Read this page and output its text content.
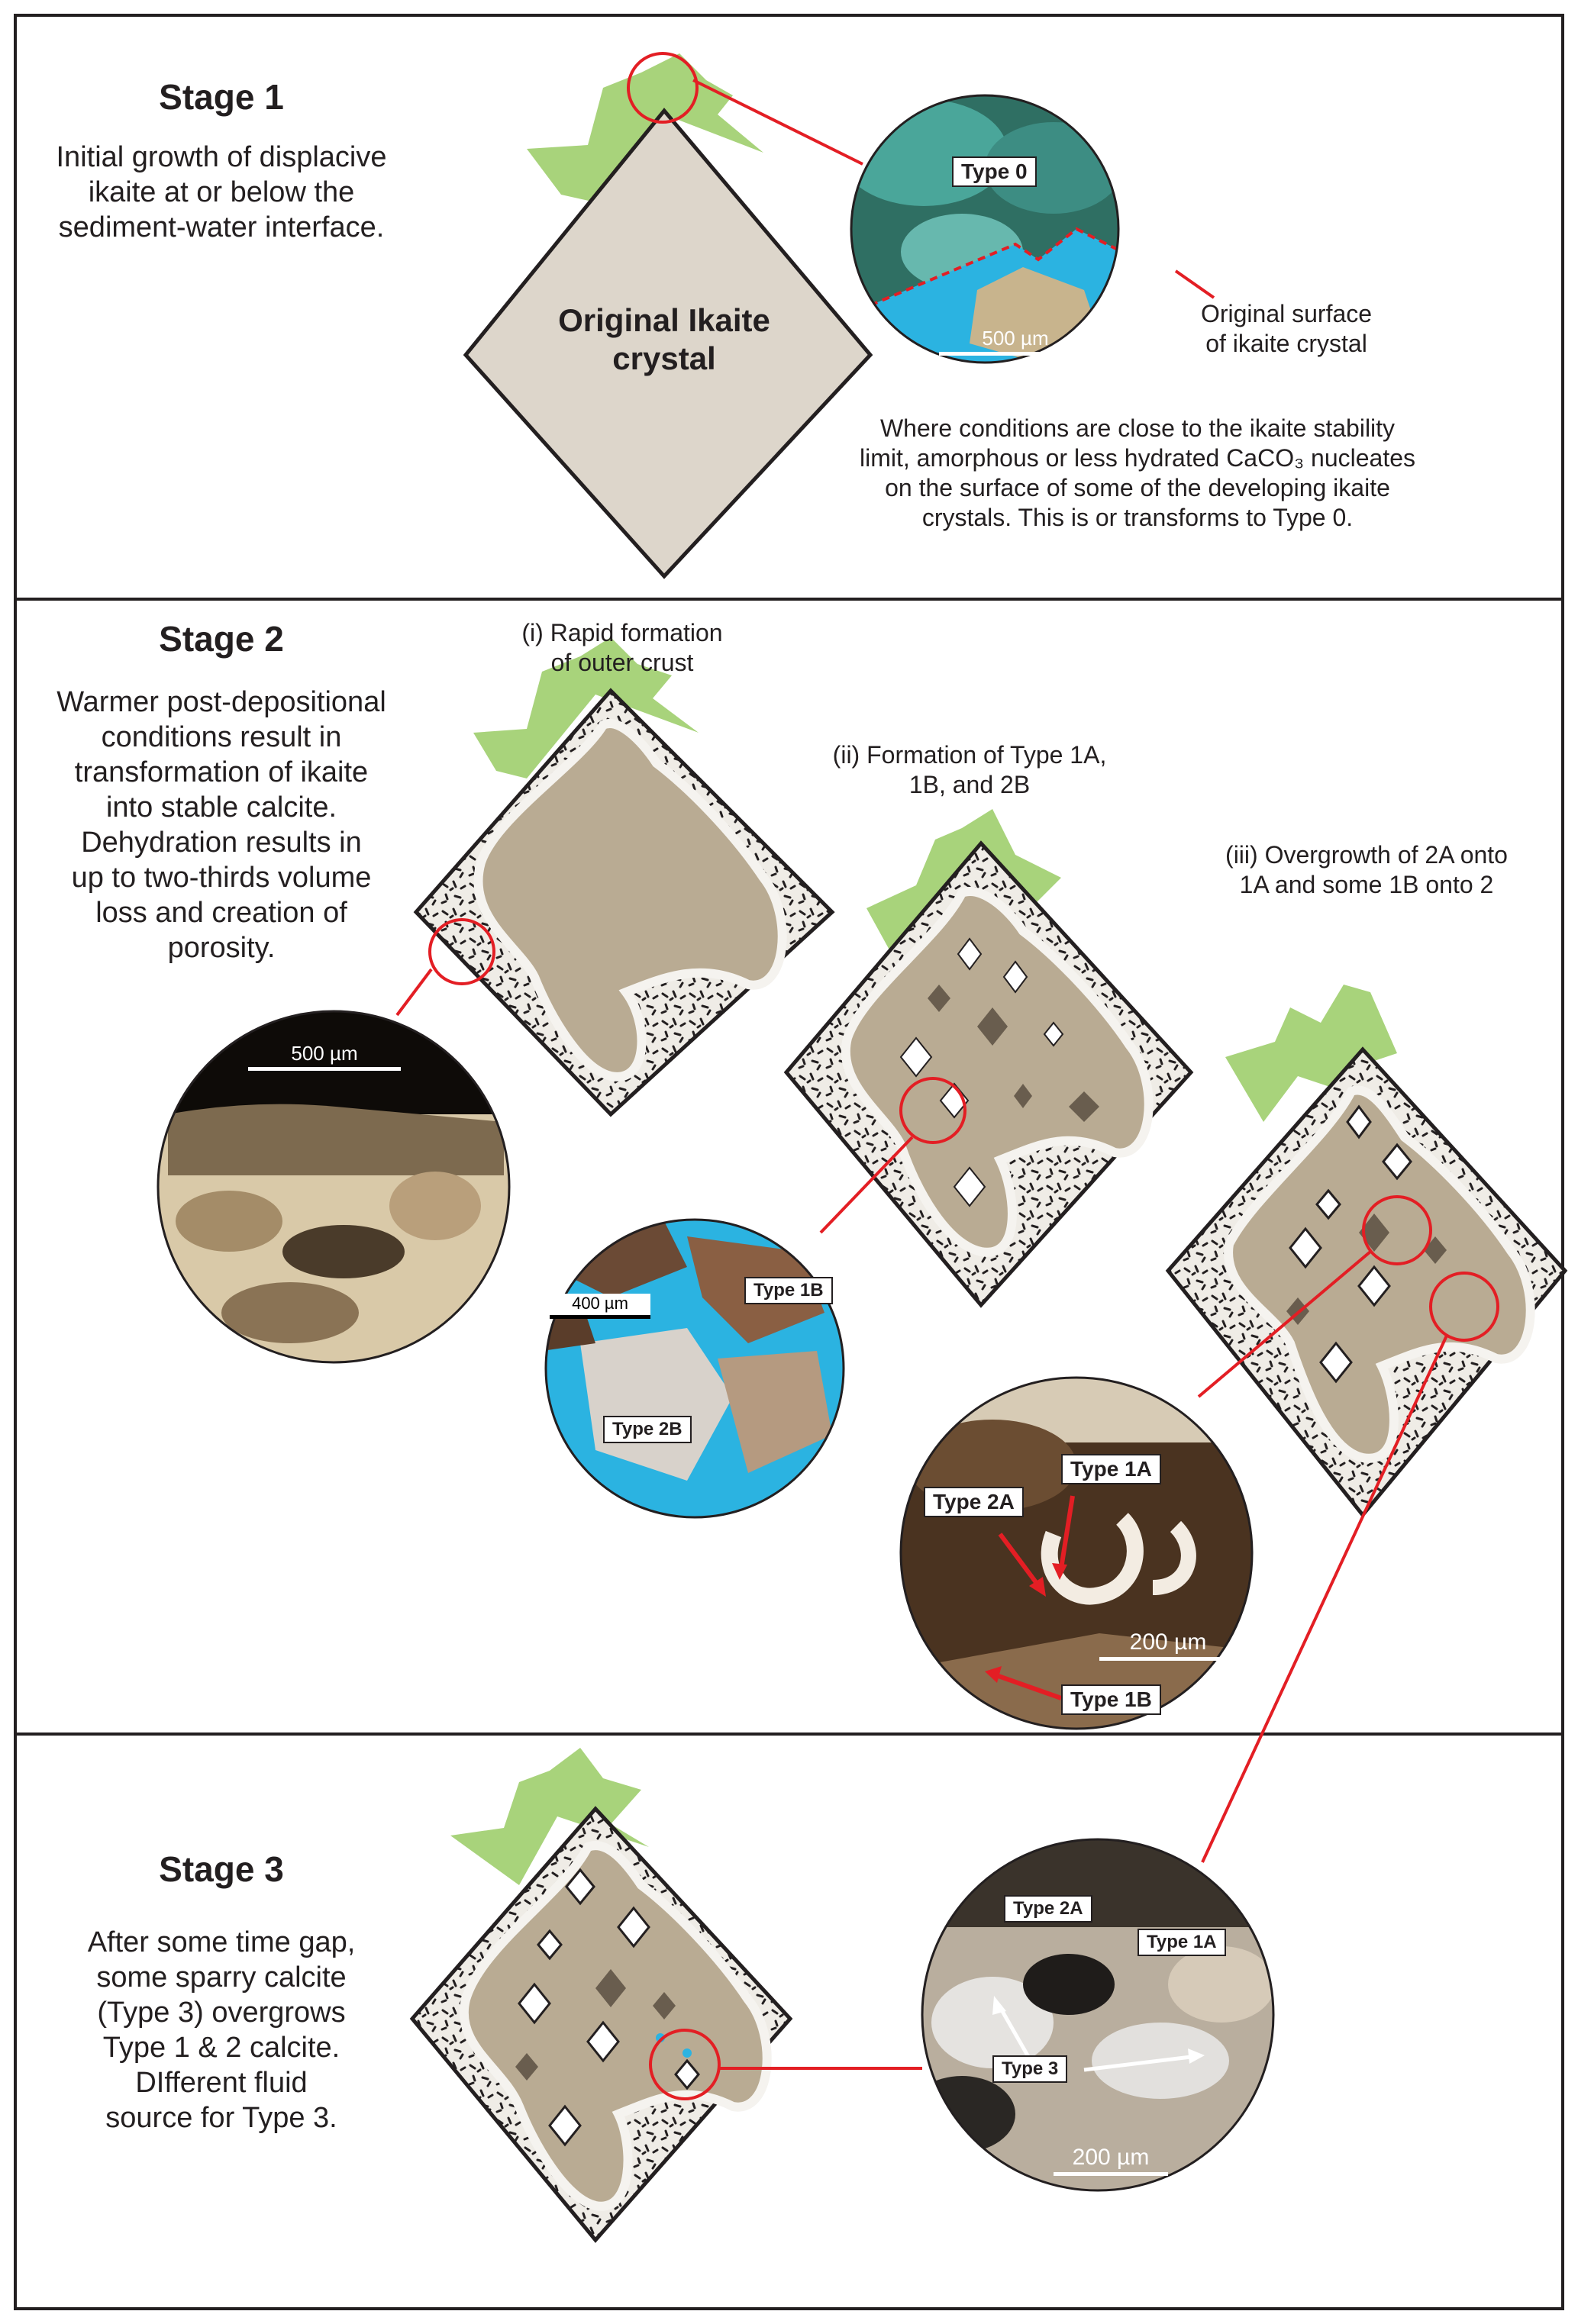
Stage 1
Initial growth of displacive
ikaite at or below the
sediment-water interface.
Original Ikaite
crystal
Type 0
500 µm
Original surface
of ikaite crystal
Where conditions are close to the ikaite stability
limit, amorphous or less hydrated CaCO₃ nucleates
on the surface of some of the developing ikaite
crystals. This is or transforms to Type 0.
Stage 2
Warmer post-depositional
conditions result in
transformation of ikaite
into stable calcite.
Dehydration results in
up to two-thirds volume
loss and creation of
porosity.
(i) Rapid formation
of outer crust
(ii) Formation of Type 1A,
1B, and 2B
(iii) Overgrowth of 2A onto
1A and some 1B onto 2
500 µm
400 µm
Type 1B
Type 2B
Type 1A
Type 2A
200 µm
Type 1B
Stage 3
After some time gap,
some sparry calcite
(Type 3) overgrows
Type 1 & 2 calcite.
DIfferent fluid
source for Type 3.
Type 2A
Type 1A
Type 3
200 µm
